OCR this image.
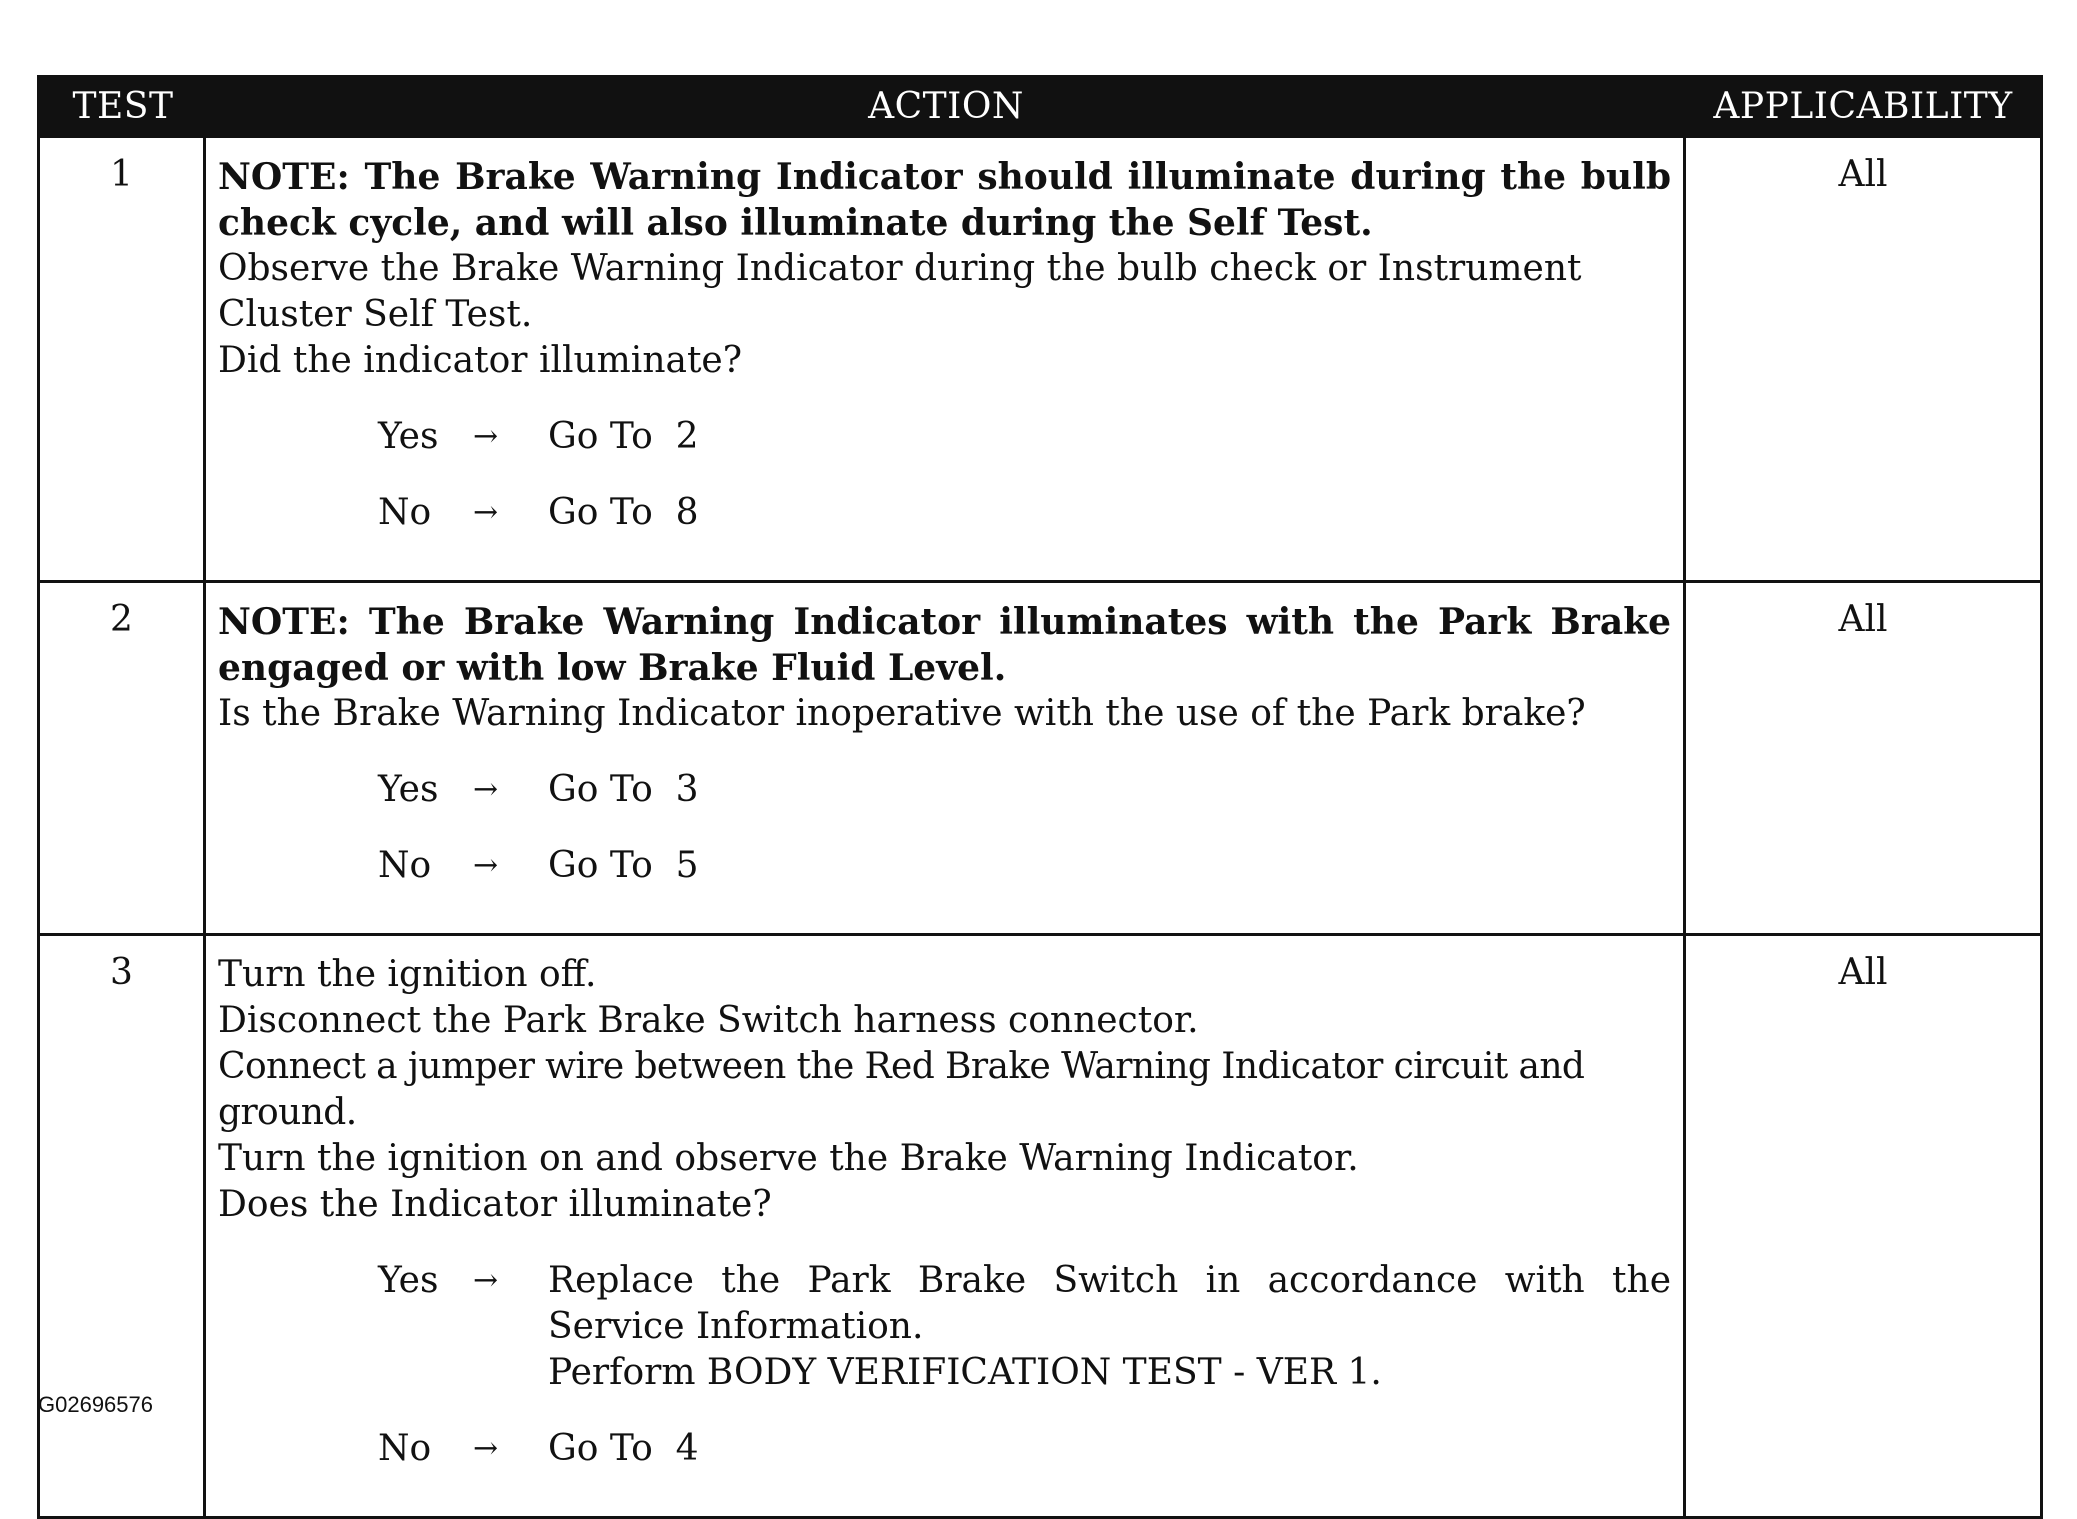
TEST	ACTION	APPLICABILITY
1	NOTE: The Brake Warning Indicator should illuminate during the bulb check cycle, and will also illuminate during the Self Test.
Observe the Brake Warning Indicator during the bulb check or Instrument Cluster Self Test.
Did the indicator illuminate?
Yes	→	Go To  2
No	→	Go To  8
All
2	NOTE: The Brake Warning Indicator illuminates with the Park Brake engaged or with low Brake Fluid Level.
Is the Brake Warning Indicator inoperative with the use of the Park brake?
Yes	→	Go To  3
No	→	Go To  5
All
3	Turn the ignition off.
Disconnect the Park Brake Switch harness connector.
Connect a jumper wire between the Red Brake Warning Indicator circuit and ground.
Turn the ignition on and observe the Brake Warning Indicator.
Does the Indicator illuminate?
Yes	→	Replace the Park Brake Switch in accordance with the Service Information.
Perform BODY VERIFICATION TEST - VER 1.
No	→	Go To  4
All
G02696576
